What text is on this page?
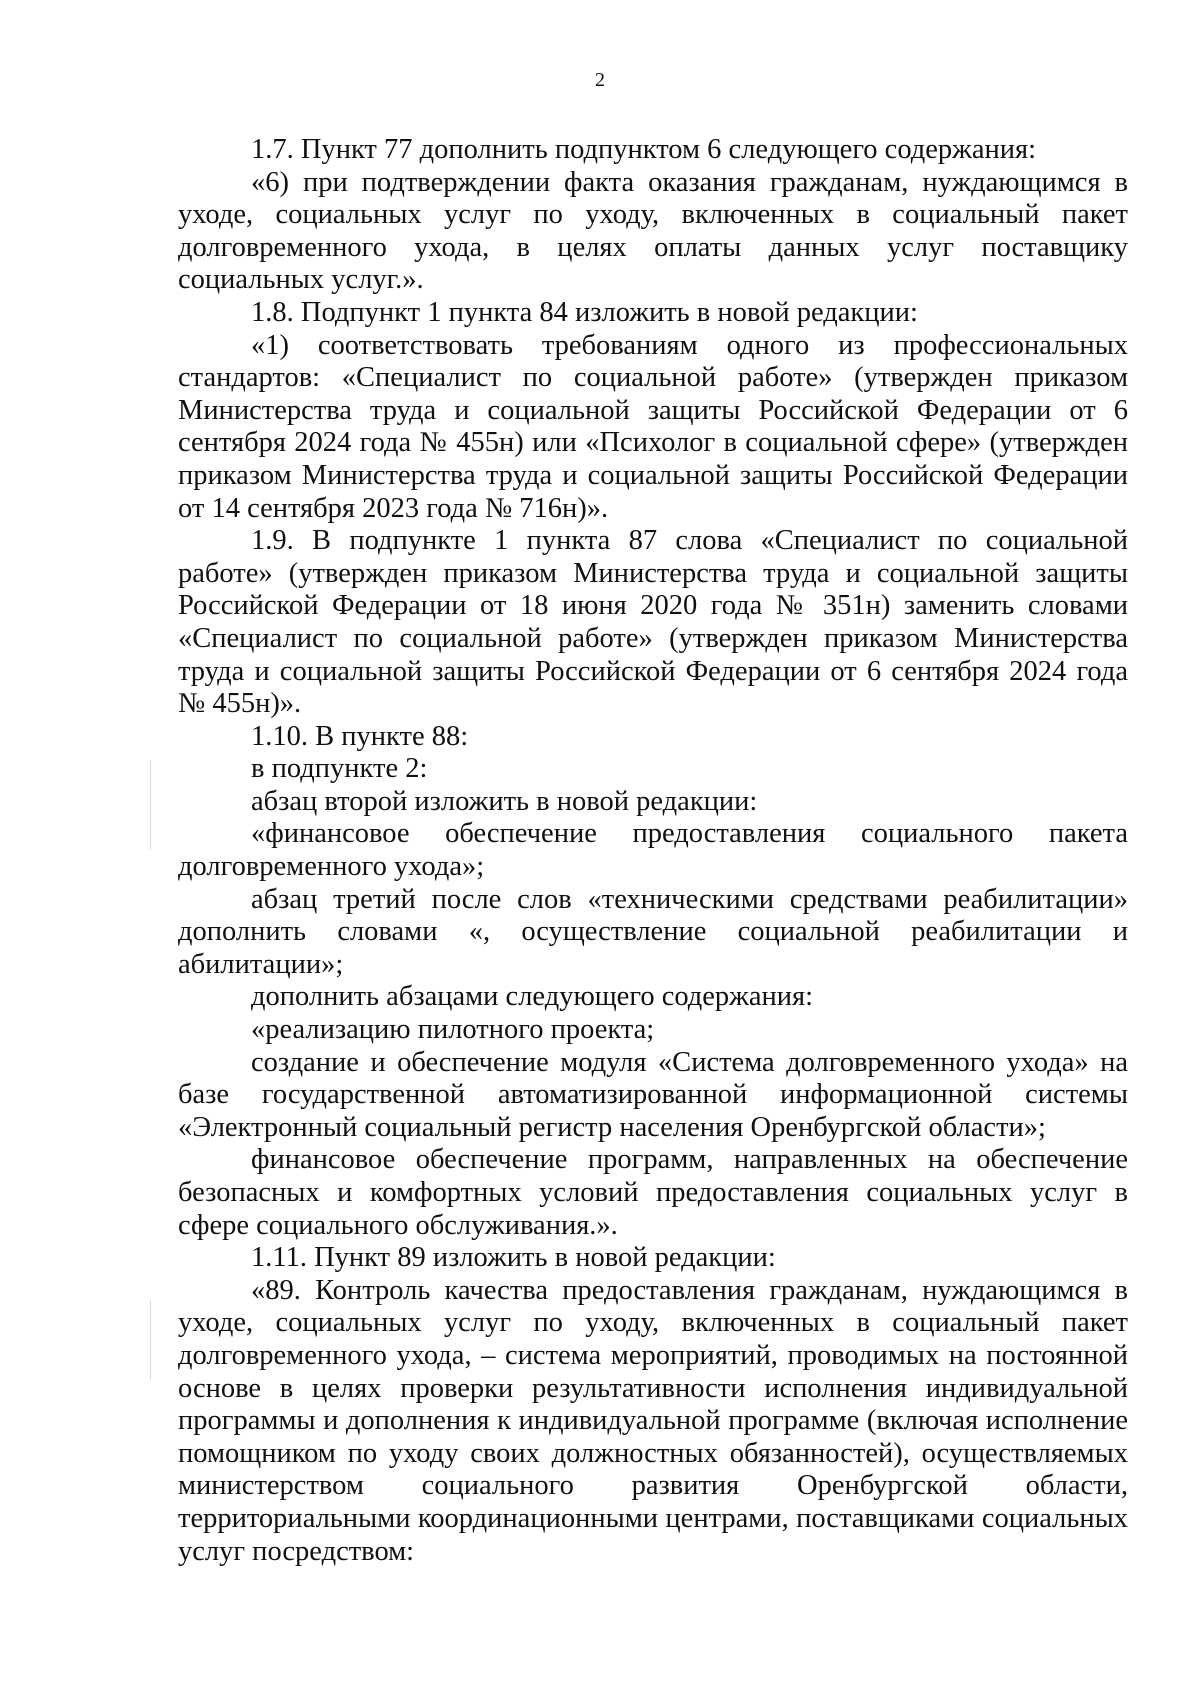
2

1.7. Пункт 77 дополнить подпунктом 6 следующего содержания:

«6) при подтверждении факта оказания гражданам, нуждающимся в уходе, социальных услуг по уходу, включенных в социальный пакет долговременного ухода, в целях оплаты данных услуг поставщику социальных услуг.».

1.8. Подпункт 1 пункта 84 изложить в новой редакции:

«1) соответствовать требованиям одного из профессиональных стандартов: «Специалист по социальной работе» (утвержден приказом Министерства труда и социальной защиты Российской Федерации от 6 сентября 2024 года № 455н) или «Психолог в социальной сфере» (утвержден приказом Министерства труда и социальной защиты Российской Федерации от 14 сентября 2023 года № 716н)».

1.9. В подпункте 1 пункта 87 слова «Специалист по социальной работе» (утвержден приказом Министерства труда и социальной защиты Российской Федерации от 18 июня 2020 года № 351н) заменить словами «Специалист по социальной работе» (утвержден приказом Министерства труда и социальной защиты Российской Федерации от 6 сентября 2024 года № 455н)».

1.10. В пункте 88:

в подпункте 2:

абзац второй изложить в новой редакции:

«финансовое обеспечение предоставления социального пакета долговременного ухода»;

абзац третий после слов «техническими средствами реабилитации» дополнить словами «, осуществление социальной реабилитации и абилитации»;

дополнить абзацами следующего содержания:

«реализацию пилотного проекта;

создание и обеспечение модуля «Система долговременного ухода» на базе государственной автоматизированной информационной системы «Электронный социальный регистр населения Оренбургской области»;

финансовое обеспечение программ, направленных на обеспечение безопасных и комфортных условий предоставления социальных услуг в сфере социального обслуживания.».

1.11. Пункт 89 изложить в новой редакции:

«89. Контроль качества предоставления гражданам, нуждающимся в уходе, социальных услуг по уходу, включенных в социальный пакет долговременного ухода, – система мероприятий, проводимых на постоянной основе в целях проверки результативности исполнения индивидуальной программы и дополнения к индивидуальной программе (включая исполнение помощником по уходу своих должностных обязанностей), осуществляемых министерством социального развития Оренбургской области, территориальными координационными центрами, поставщиками социальных услуг посредством:
